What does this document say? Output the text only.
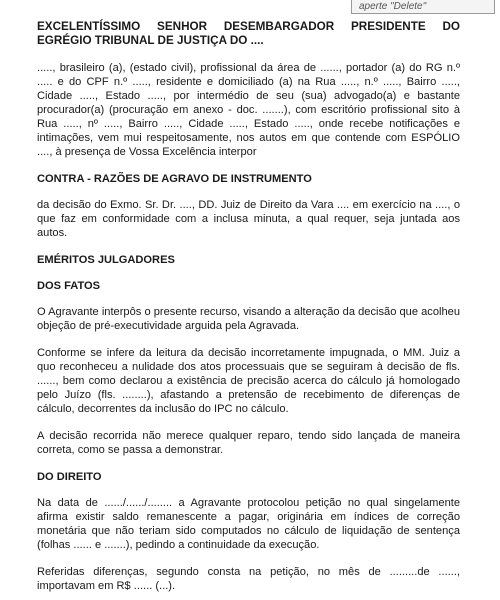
aperte "Delete"

EXCELENTÍSSIMO SENHOR DESEMBARGADOR PRESIDENTE DO EGRÉGIO TRIBUNAL DE JUSTIÇA DO ....

....., brasileiro (a), (estado civil), profissional da área de ......, portador (a) do RG n.º ..... e do CPF n.º ....., residente e domiciliado (a) na Rua ....., n.º ....., Bairro ....., Cidade ....., Estado ....., por intermédio de seu (sua) advogado(a) e bastante procurador(a) (procuração em anexo - doc. .......), com escritório profissional sito à Rua ....., nº ....., Bairro ....., Cidade ....., Estado ....., onde recebe notificações e intimações, vem mui respeitosamente, nos autos em que contende com ESPÓLIO ...., à presença de Vossa Excelência interpor

CONTRA - RAZÕES DE AGRAVO DE INSTRUMENTO

da decisão do Exmo. Sr. Dr. ...., DD. Juiz de Direito da Vara .... em exercício na ...., o que faz em conformidade com a inclusa minuta, a qual requer, seja juntada aos autos.

EMÉRITOS JULGADORES

DOS FATOS

O Agravante interpôs o presente recurso, visando a alteração da decisão que acolheu objeção de pré-executividade arguida pela Agravada.

Conforme se infere da leitura da decisão incorretamente impugnada, o MM. Juiz a quo reconheceu a nulidade dos atos processuais que se seguiram à decisão de fls. ......, bem como declarou a existência de precisão acerca do cálculo já homologado pelo Juízo (fls. ........), afastando a pretensão de recebimento de diferenças de cálculo, decorrentes da inclusão do IPC no cálculo.

A decisão recorrida não merece qualquer reparo, tendo sido lançada de maneira correta, como se passa a demonstrar.

DO DIREITO

Na data de ....../....../........ a Agravante protocolou petição no qual singelamente afirma existir saldo remanescente a pagar, originária em índices de correção monetária que não teriam sido computados no cálculo de liquidação de sentença (folhas ...... e .......), pedindo a continuidade da execução.

Referidas diferenças, segundo consta na petição, no mês de .........de ......, importavam em R$ ...... (...).
